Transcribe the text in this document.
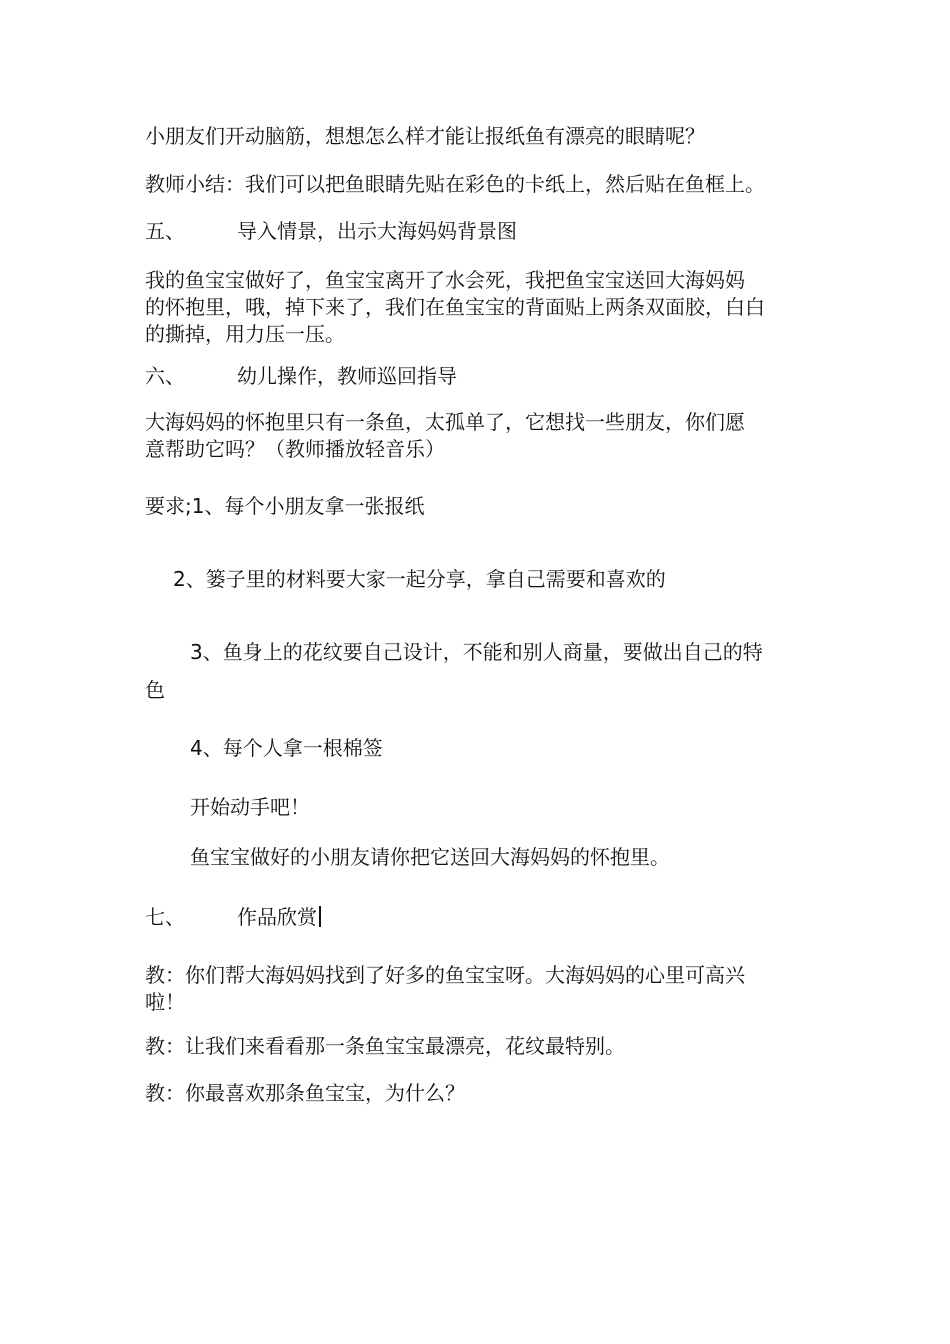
小朋友们开动脑筋，想想怎么样才能让报纸鱼有漂亮的眼睛呢？
教师小结：我们可以把鱼眼睛先贴在彩色的卡纸上，然后贴在鱼框上。
五、	导入情景，出示大海妈妈背景图
我的鱼宝宝做好了，鱼宝宝离开了水会死，我把鱼宝宝送回大海妈妈
的怀抱里，哦，掉下来了，我们在鱼宝宝的背面贴上两条双面胶，白白
的撕掉，用力压一压。
六、	幼儿操作，教师巡回指导
大海妈妈的怀抱里只有一条鱼，太孤单了，它想找一些朋友，你们愿
意帮助它吗？（教师播放轻音乐）
要求;1、每个小朋友拿一张报纸
2、篓子里的材料要大家一起分享，拿自己需要和喜欢的
3、鱼身上的花纹要自己设计，不能和别人商量，要做出自己的特
色
4、每个人拿一根棉签
开始动手吧！
鱼宝宝做好的小朋友请你把它送回大海妈妈的怀抱里。
七、	作品欣赏
教：你们帮大海妈妈找到了好多的鱼宝宝呀。大海妈妈的心里可高兴
啦！
教：让我们来看看那一条鱼宝宝最漂亮，花纹最特别。
教：你最喜欢那条鱼宝宝，为什么？
